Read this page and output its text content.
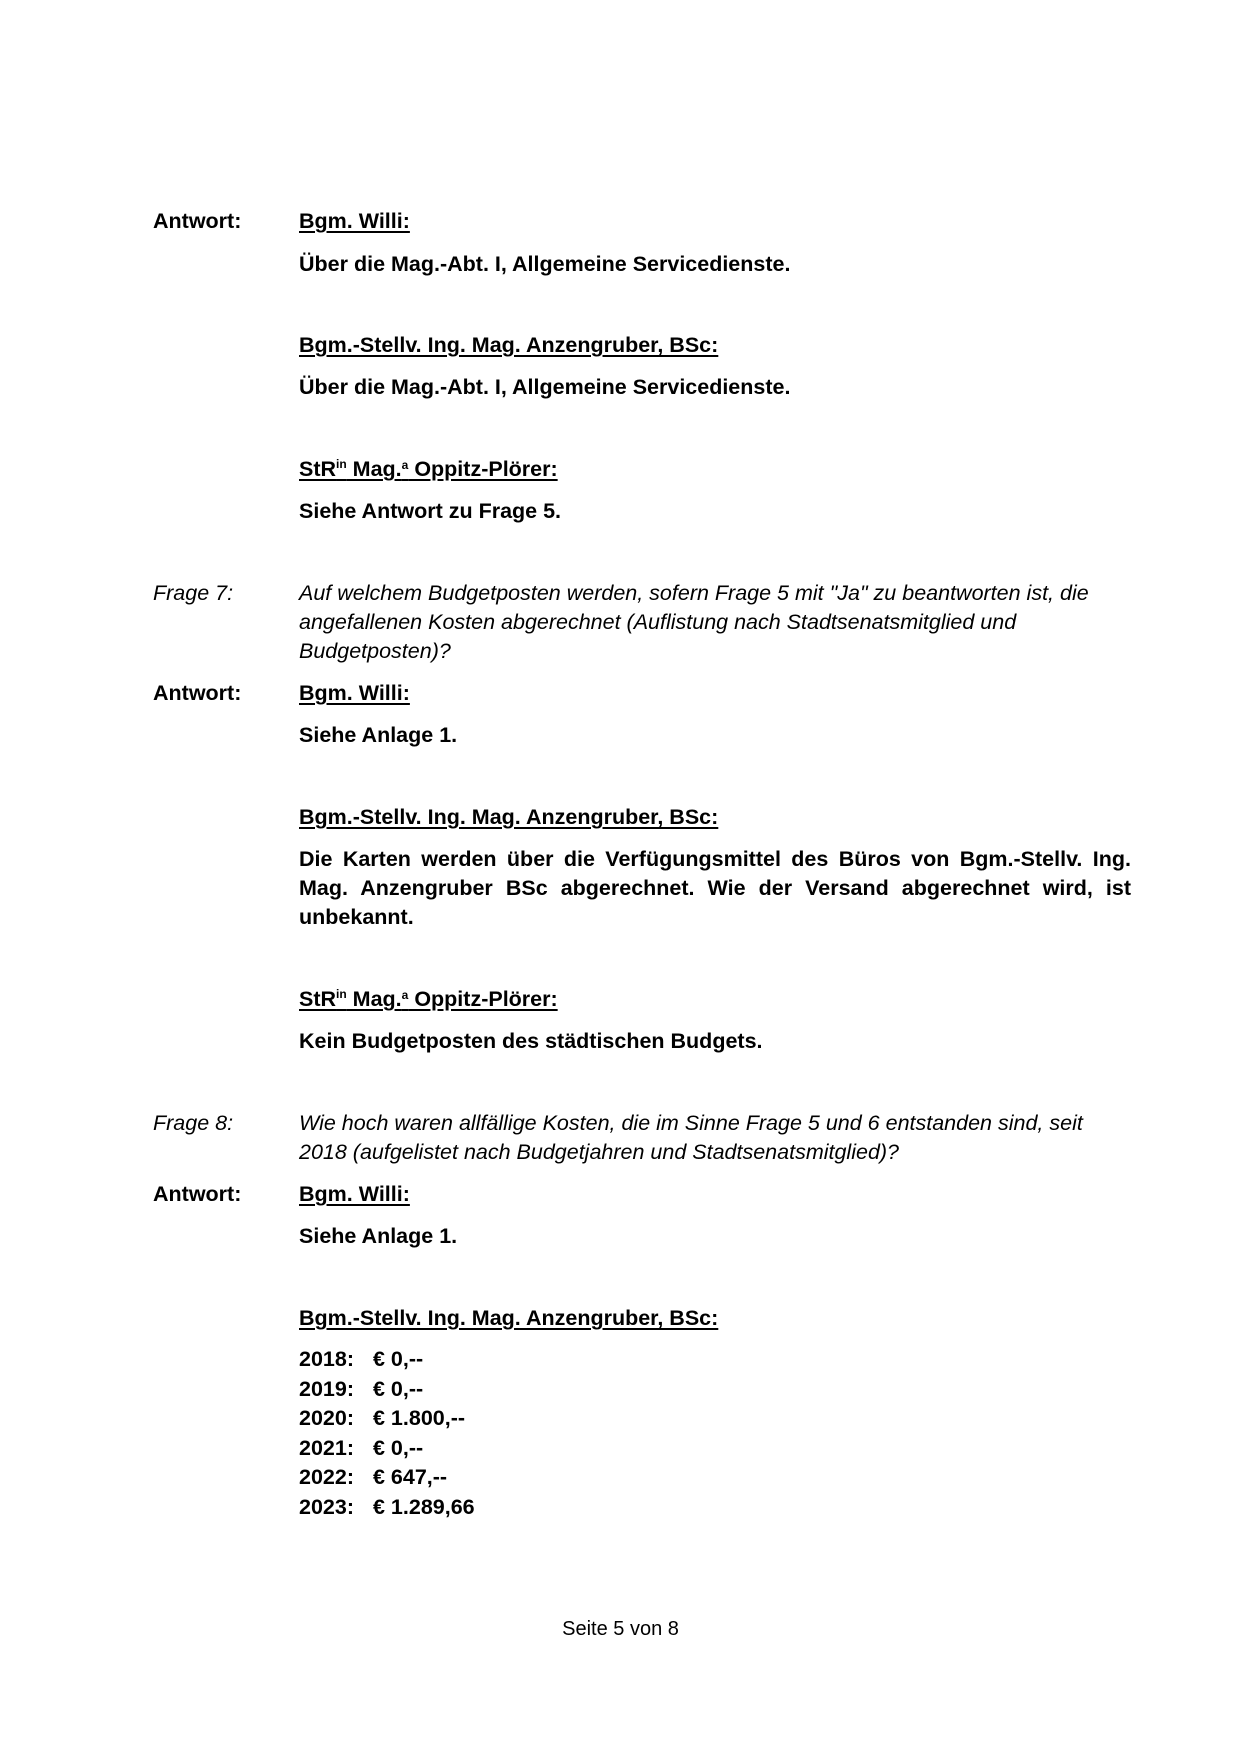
Antwort:	Bgm. Willi:
Über die Mag.-Abt. I, Allgemeine Servicedienste.
Bgm.-Stellv. Ing. Mag. Anzengruber, BSc:
Über die Mag.-Abt. I, Allgemeine Servicedienste.
StR$^{in}$ Mag.$^a$ Oppitz-Plörer:
Siehe Antwort zu Frage 5.
Frage 7:	Auf welchem Budgetposten werden, sofern Frage 5 mit "Ja" zu beantworten ist, die angefallenen Kosten abgerechnet (Auflistung nach Stadtsenatsmitglied und Budgetposten)?
Antwort:	Bgm. Willi:
Siehe Anlage 1.
Bgm.-Stellv. Ing. Mag. Anzengruber, BSc:
Die Karten werden über die Verfügungsmittel des Büros von Bgm.-Stellv. Ing. Mag. Anzengruber BSc abgerechnet. Wie der Versand abgerechnet wird, ist unbekannt.
StR$^{in}$ Mag.$^a$ Oppitz-Plörer:
Kein Budgetposten des städtischen Budgets.
Frage 8:	Wie hoch waren allfällige Kosten, die im Sinne Frage 5 und 6 entstanden sind, seit 2018 (aufgelistet nach Budgetjahren und Stadtsenatsmitglied)?
Antwort:	Bgm. Willi:
Siehe Anlage 1.
Bgm.-Stellv. Ing. Mag. Anzengruber, BSc:
2018: € 0,--
2019: € 0,--
2020: € 1.800,--
2021: € 0,--
2022: € 647,--
2023: € 1.289,66
Seite 5 von 8
